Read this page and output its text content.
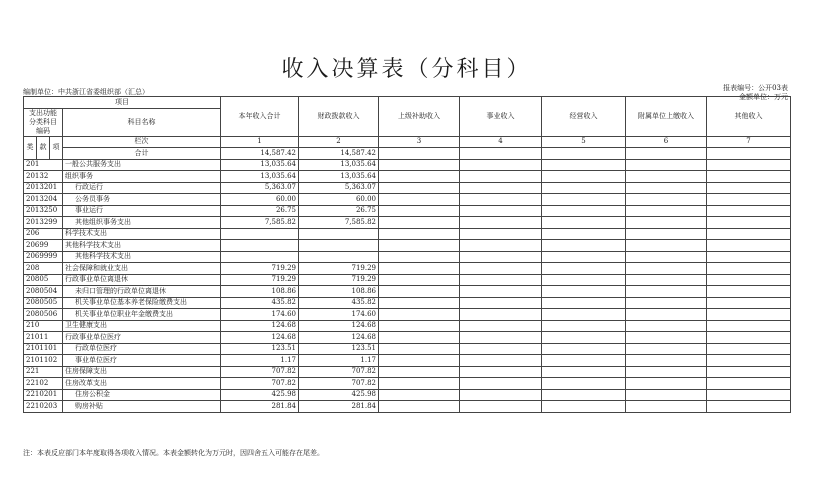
收入决算表（分科目）
编制单位：中共浙江省委组织部（汇总）	报表编号：公开03表
金额单位：万元
项目				本年收入合计	财政拨款收入	上级补助收入	事业收入	经营收入	附属单位上缴收入	其他收入
支出功能分类科目编码			科目名称							

类	款	项	栏次	1	2	3	4	5	6	7
			合计	14,587.42	14,587.42					
201			一般公共服务支出	13,035.64	13,035.64					
20132			组织事务	13,035.64	13,035.64					
2013201			行政运行	5,363.07	5,363.07					
2013204			公务员事务	60.00	60.00					
2013250			事业运行	26.75	26.75					
2013299			其他组织事务支出	7,585.82	7,585.82					
206			科学技术支出							
20699			其他科学技术支出							
2069999			其他科学技术支出							
208			社会保障和就业支出	719.29	719.29					
20805			行政事业单位离退休	719.29	719.29					
2080504			未归口管理的行政单位离退休	108.86	108.86					
2080505			机关事业单位基本养老保险缴费支出	435.82	435.82					
2080506			机关事业单位职业年金缴费支出	174.60	174.60					
210			卫生健康支出	124.68	124.68					
21011			行政事业单位医疗	124.68	124.68					
2101101			行政单位医疗	123.51	123.51					
2101102			事业单位医疗	1.17	1.17					
221			住房保障支出	707.82	707.82					
22102			住房改革支出	707.82	707.82					
2210201			住房公积金	425.98	425.98					
2210203			购房补贴	281.84	281.84					
注：本表反应部门本年度取得各项收入情况。本表金额转化为万元时，因四舍五入可能存在尾差。
